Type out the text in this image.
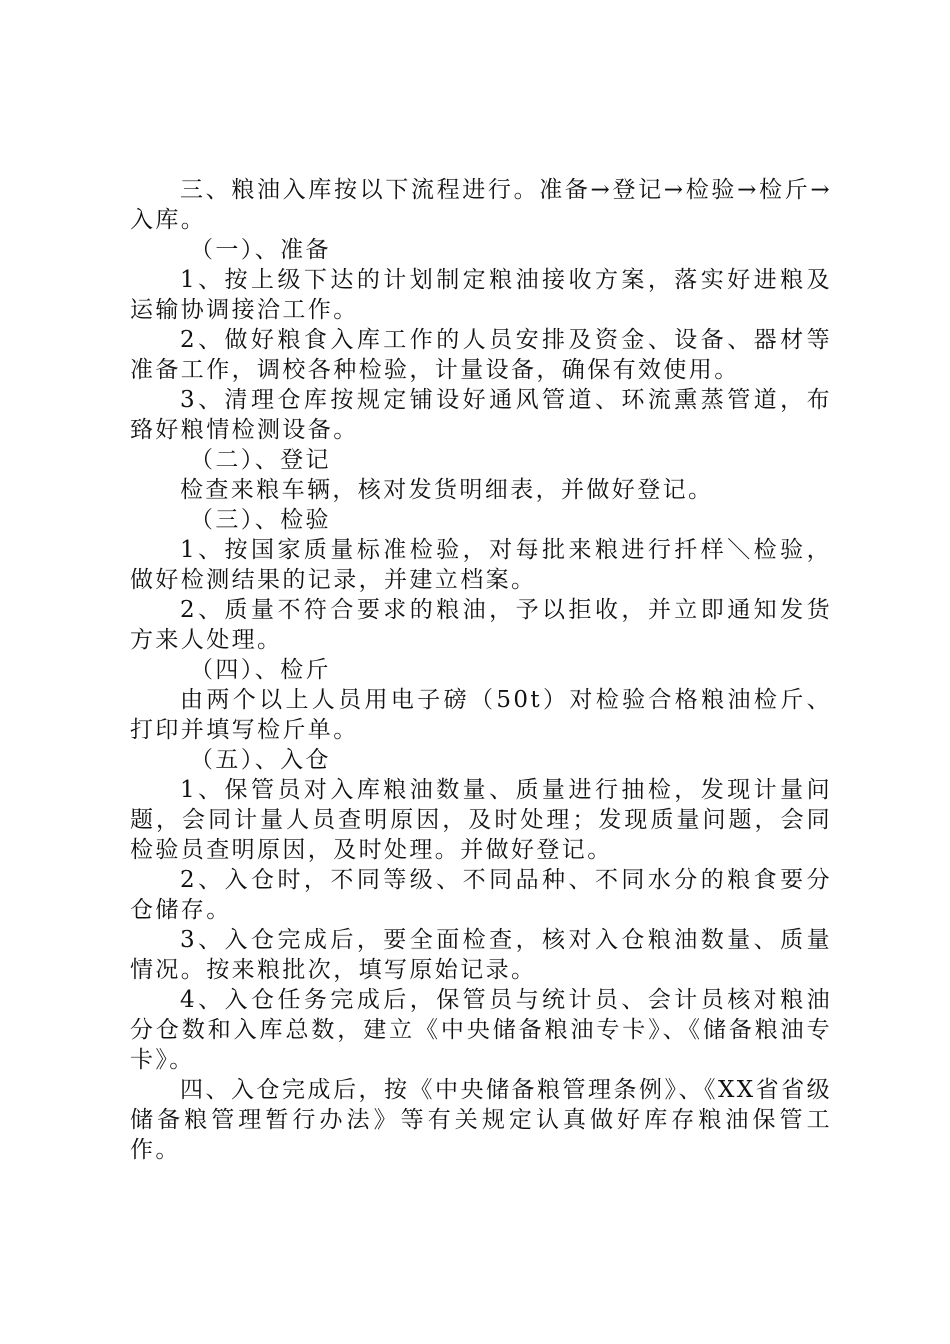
三、粮油入库按以下流程进行。准备→登记→检验→检斤→入库。

（一）、准备

1、按上级下达的计划制定粮油接收方案，落实好进粮及运输协调接洽工作。

2、做好粮食入库工作的人员安排及资金、设备、器材等准备工作，调校各种检验，计量设备，确保有效使用。

3、清理仓库按规定铺设好通风管道、环流熏蒸管道，布臵好粮情检测设备。

（二）、登记

检查来粮车辆，核对发货明细表，并做好登记。

（三）、检验

1、按国家质量标准检验，对每批来粮进行扦样＼检验，做好检测结果的记录，并建立档案。

2、质量不符合要求的粮油，予以拒收，并立即通知发货方来人处理。

（四）、检斤

由两个以上人员用电子磅（50t）对检验合格粮油检斤、打印并填写检斤单。

（五）、入仓

1、保管员对入库粮油数量、质量进行抽检，发现计量问题，会同计量人员查明原因，及时处理；发现质量问题，会同检验员查明原因，及时处理。并做好登记。

2、入仓时，不同等级、不同品种、不同水分的粮食要分仓储存。

3、入仓完成后，要全面检查，核对入仓粮油数量、质量情况。按来粮批次，填写原始记录。

4、入仓任务完成后，保管员与统计员、会计员核对粮油分仓数和入库总数，建立《中央储备粮油专卡》、《储备粮油专卡》。

四、入仓完成后，按《中央储备粮管理条例》、《XX省省级储备粮管理暂行办法》等有关规定认真做好库存粮油保管工作。
